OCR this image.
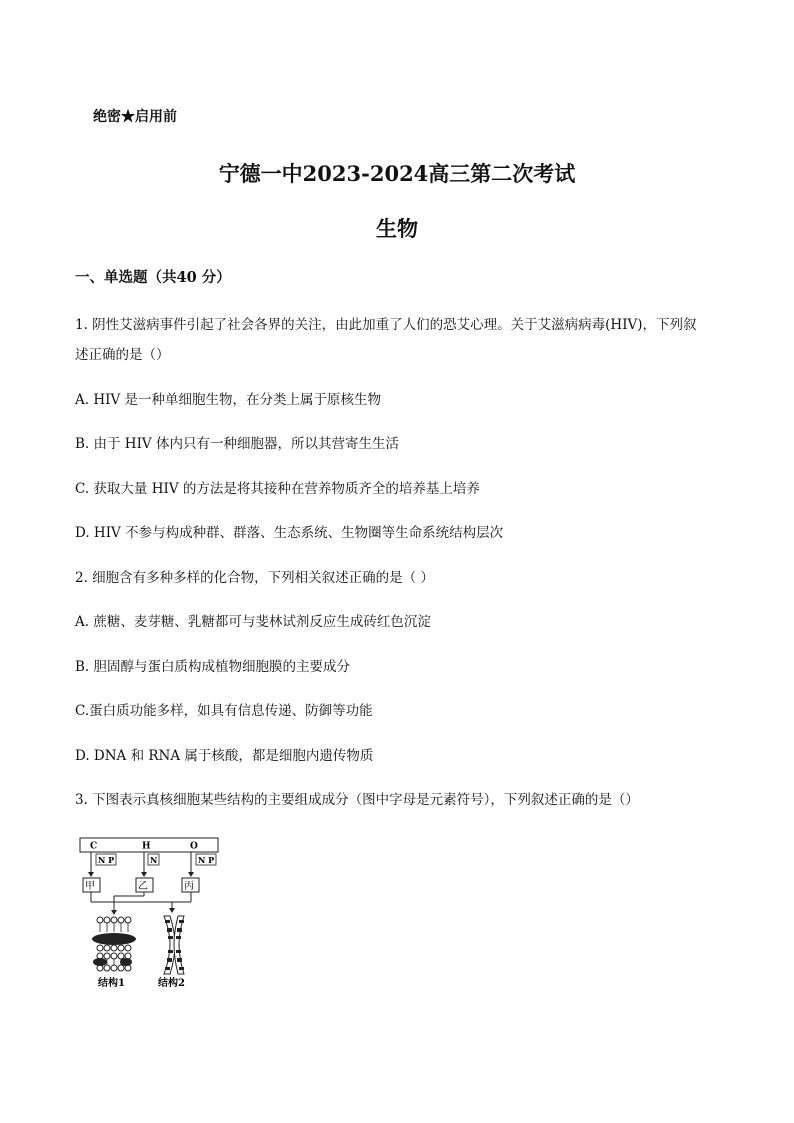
绝密★启用前
宁德一中2023-2024高三第二次考试
生物
一、单选题（共40 分）
1. 阴性艾滋病事件引起了社会各界的关注，由此加重了人们的恐艾心理。关于艾滋病病毒(HIV)，下列叙
述正确的是（）
A. HIV 是一种单细胞生物，在分类上属于原核生物
B. 由于 HIV 体内只有一种细胞器，所以其营寄生生活
C. 获取大量 HIV 的方法是将其接种在营养物质齐全的培养基上培养
D. HIV 不参与构成种群、群落、生态系统、生物圈等生命系统结构层次
2. 细胞含有多种多样的化合物，下列相关叙述正确的是（ ）
A. 蔗糖、麦芽糖、乳糖都可与斐林试剂反应生成砖红色沉淀
B. 胆固醇与蛋白质构成植物细胞膜的主要成分
C.蛋白质功能多样，如具有信息传递、防御等功能
D. DNA 和 RNA 属于核酸，都是细胞内遗传物质
3. 下图表示真核细胞某些结构的主要组成成分（图中字母是元素符号），下列叙述正确的是（）
C	H	O
N P	N	N P
甲	乙	丙
结构1	结构2
